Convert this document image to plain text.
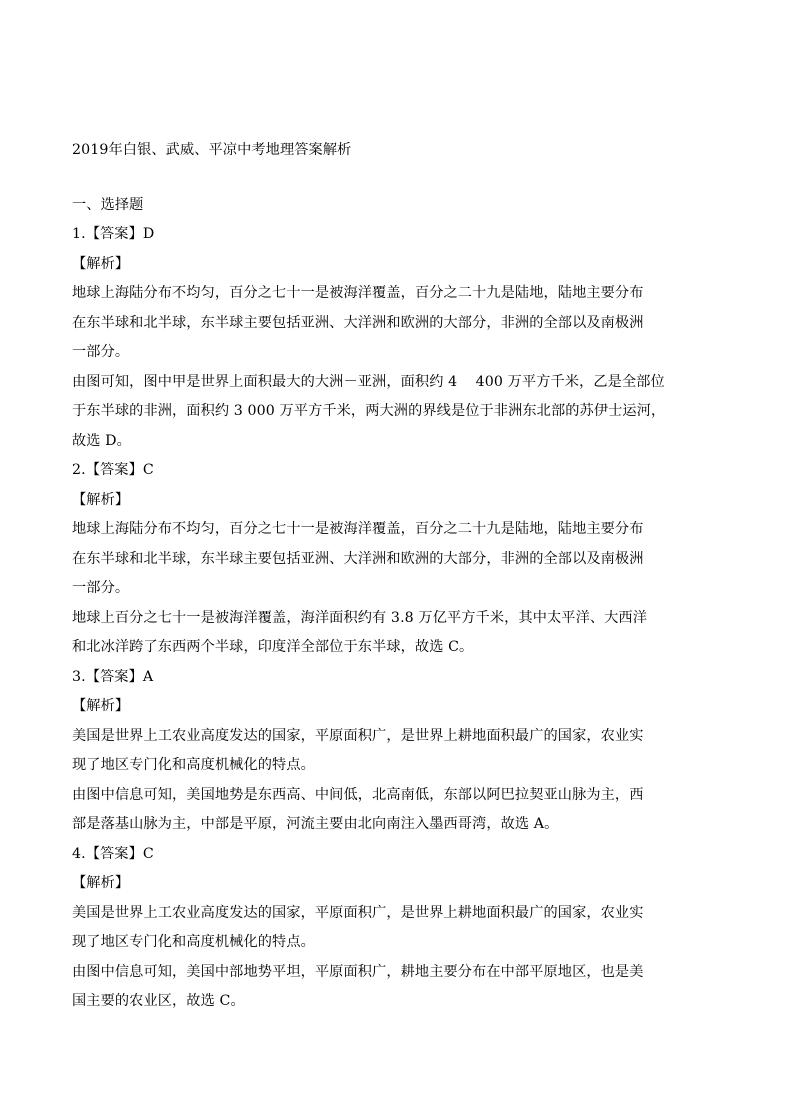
2019年白银、武威、平凉中考地理答案解析
一、选择题
1.【答案】D
【解析】
地球上海陆分布不均匀，百分之七十一是被海洋覆盖，百分之二十九是陆地，陆地主要分布
在东半球和北半球，东半球主要包括亚洲、大洋洲和欧洲的大部分，非洲的全部以及南极洲
一部分。
由图可知，图中甲是世界上面积最大的大洲－亚洲，面积约 4    400 万平方千米，乙是全部位
于东半球的非洲，面积约 3 000 万平方千米，两大洲的界线是位于非洲东北部的苏伊士运河，
故选 D。
2.【答案】C
【解析】
地球上海陆分布不均匀，百分之七十一是被海洋覆盖，百分之二十九是陆地，陆地主要分布
在东半球和北半球，东半球主要包括亚洲、大洋洲和欧洲的大部分，非洲的全部以及南极洲
一部分。
地球上百分之七十一是被海洋覆盖，海洋面积约有 3.8 万亿平方千米，其中太平洋、大西洋
和北冰洋跨了东西两个半球，印度洋全部位于东半球，故选 C。
3.【答案】A
【解析】
美国是世界上工农业高度发达的国家，平原面积广，是世界上耕地面积最广的国家，农业实
现了地区专门化和高度机械化的特点。
由图中信息可知，美国地势是东西高、中间低，北高南低，东部以阿巴拉契亚山脉为主，西
部是落基山脉为主，中部是平原，河流主要由北向南注入墨西哥湾，故选 A。
4.【答案】C
【解析】
美国是世界上工农业高度发达的国家，平原面积广，是世界上耕地面积最广的国家，农业实
现了地区专门化和高度机械化的特点。
由图中信息可知，美国中部地势平坦，平原面积广，耕地主要分布在中部平原地区，也是美
国主要的农业区，故选 C。
